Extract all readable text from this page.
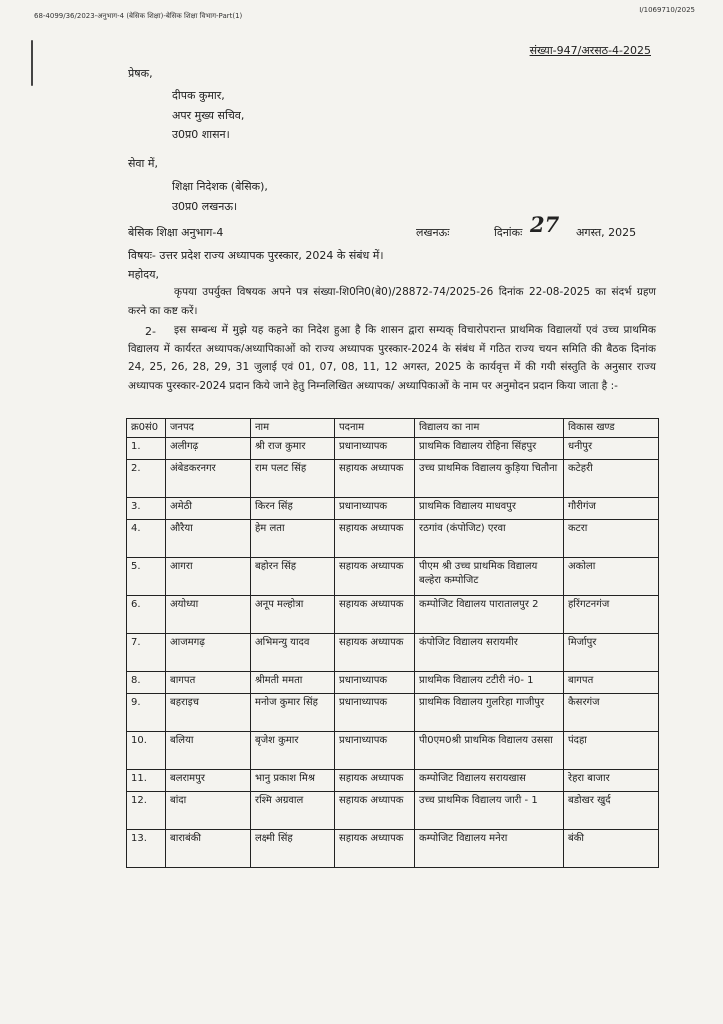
68-4099/36/2023-अनुभाग-4 (बेसिक शिक्षा)-बेसिक शिक्षा विभाग-Part(1)
I/1069710/2025
संख्या-947/अरसठ-4-2025
प्रेषक,
दीपक कुमार,
अपर मुख्य सचिव,
उ0प्र0 शासन।
सेवा में,
शिक्षा निदेशक (बेसिक),
उ0प्र0 लखनऊ।
बेसिक शिक्षा अनुभाग-4	लखनऊः	दिनांकः 27 अगस्त, 2025
विषयः- उत्तर प्रदेश राज्य अध्यापक पुरस्कार, 2024 के संबंध में।
महोदय,
कृपया उपर्युक्त विषयक अपने पत्र संख्या-शि0नि0(बे0)/28872-74/2025-26 दिनांक 22-08-2025 का संदर्भ ग्रहण करने का कष्ट करें।
2-	इस सम्बन्ध में मुझे यह कहने का निदेश हुआ है कि शासन द्वारा सम्यक् विचारोपरान्त प्राथमिक विद्यालयों एवं उच्च प्राथमिक विद्यालय में कार्यरत अध्यापक/अध्यापिकाओं को राज्य अध्यापक पुरस्कार-2024 के संबंध में गठित राज्य चयन समिति की बैठक दिनांक 24, 25, 26, 28, 29, 31 जुलाई एवं 01, 07, 08, 11, 12 अगस्त, 2025 के कार्यवृत्त में की गयी संस्तुति के अनुसार राज्य अध्यापक पुरस्कार-2024 प्रदान किये जाने हेतु निम्नलिखित अध्यापक/ अध्यापिकाओं के नाम पर अनुमोदन प्रदान किया जाता है :-
क्र0सं0	जनपद	नाम	पदनाम	विद्यालय का नाम	विकास खण्ड
1.	अलीगढ़	श्री राज कुमार	प्रधानाध्यापक	प्राथमिक विद्यालय रोहिना सिंहपुर	धनीपुर
2.	अंबेडकरनगर	राम पलट सिंह	सहायक अध्यापक	उच्च प्राथमिक विद्यालय कुड़िया चितौना	कटेहरी
3.	अमेठी	किरन सिंह	प्रधानाध्यापक	प्राथमिक विद्यालय माधवपुर	गौरीगंज
4.	औरैया	हेम लता	सहायक अध्यापक	रठगांव (कंपोजिट) एरवा	कटरा
5.	आगरा	बहोरन सिंह	सहायक अध्यापक	पीएम श्री उच्च प्राथमिक विद्यालय बल्हेरा कम्पोजिट	अकोला
6.	अयोध्या	अनूप मल्होत्रा	सहायक अध्यापक	कम्पोजिट विद्यालय पारातालपुर 2	हरिंगटनगंज
7.	आजमगढ़	अभिमन्यु यादव	सहायक अध्यापक	कंपोजिट विद्यालय सरायमीर	मिर्जापुर
8.	बागपत	श्रीमती ममता	प्रधानाध्यापक	प्राथमिक विद्यालय टटीरी नं0- 1	बागपत
9.	बहराइच	मनोज कुमार सिंह	प्रधानाध्यापक	प्राथमिक विद्यालय गुलरिहा गाजीपुर	कैसरगंज
10.	बलिया	बृजेश कुमार	प्रधानाध्यापक	पी0एम0श्री प्राथमिक विद्यालय उससा	पंदहा
11.	बलरामपुर	भानु प्रकाश मिश्र	सहायक अध्यापक	कम्पोजिट विद्यालय सरायखास	रेहरा बाजार
12.	बांदा	रश्मि अग्रवाल	सहायक अध्यापक	उच्च प्राथमिक विद्यालय जारी - 1	बडोखर खुर्द
13.	बाराबंकी	लक्ष्मी सिंह	सहायक अध्यापक	कम्पोजिट विद्यालय मनेरा	बंकी
